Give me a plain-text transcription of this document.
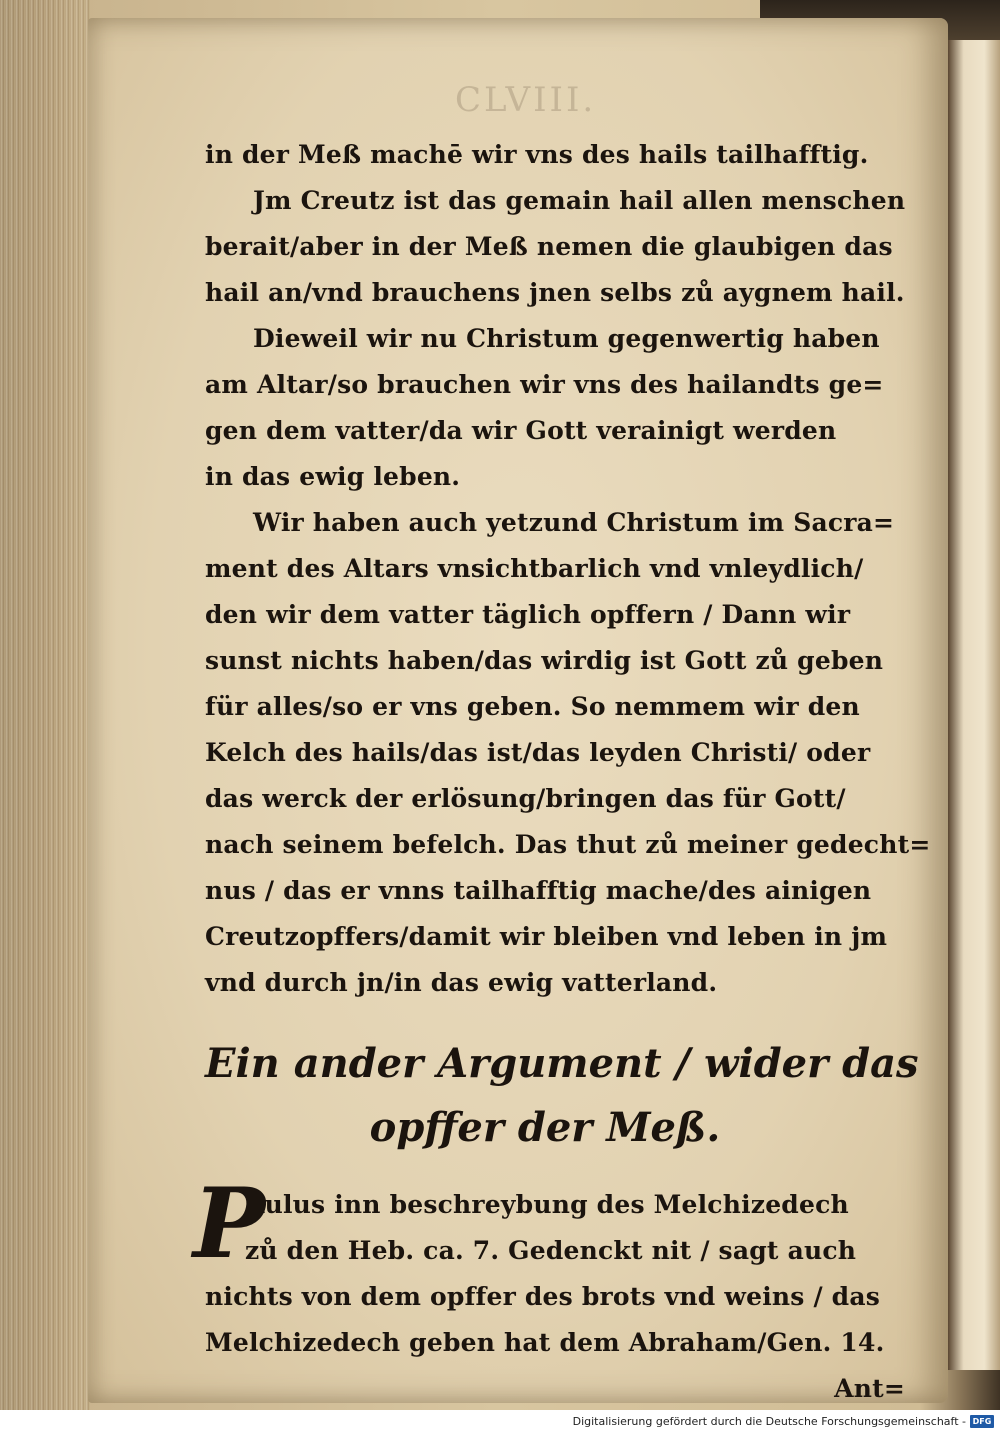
CLVIII.
in der Meß machē wir vns des hails tailhafftig.
Jm Creutz ist das gemain hail allen menschen
berait/aber in der Meß nemen die glaubigen das
hail an/vnd brauchens jnen selbs zů aygnem hail.
Dieweil wir nu Christum gegenwertig haben
am Altar/so brauchen wir vns des hailandts ge=
gen dem vatter/da wir Gott verainigt werden
in das ewig leben.
Wir haben auch yetzund Christum im Sacra=
ment des Altars vnsichtbarlich vnd vnleydlich/
den wir dem vatter täglich opffern / Dann wir
sunst nichts haben/das wirdig ist Gott zů geben
für alles/so er vns geben. So nemmem wir den
Kelch des hails/das ist/das leyden Christi/ oder
das werck der erlösung/bringen das für Gott/
nach seinem befelch. Das thut zů meiner gedecht=
nus / das er vnns tailhafftig mache/des ainigen
Creutzopffers/damit wir bleiben vnd leben in jm
vnd durch jn/in das ewig vatterland.
Ein ander Argument / wider das
opffer der Meß.
P
Aulus inn beschreybung des Melchizedech
zů den Heb. ca. 7. Gedenckt nit / sagt auch
nichts von dem opffer des brots vnd weins / das
Melchizedech geben hat dem Abraham/Gen. 14.
Ant=
Digitalisierung gefördert durch die Deutsche Forschungsgemeinschaft - DFG
